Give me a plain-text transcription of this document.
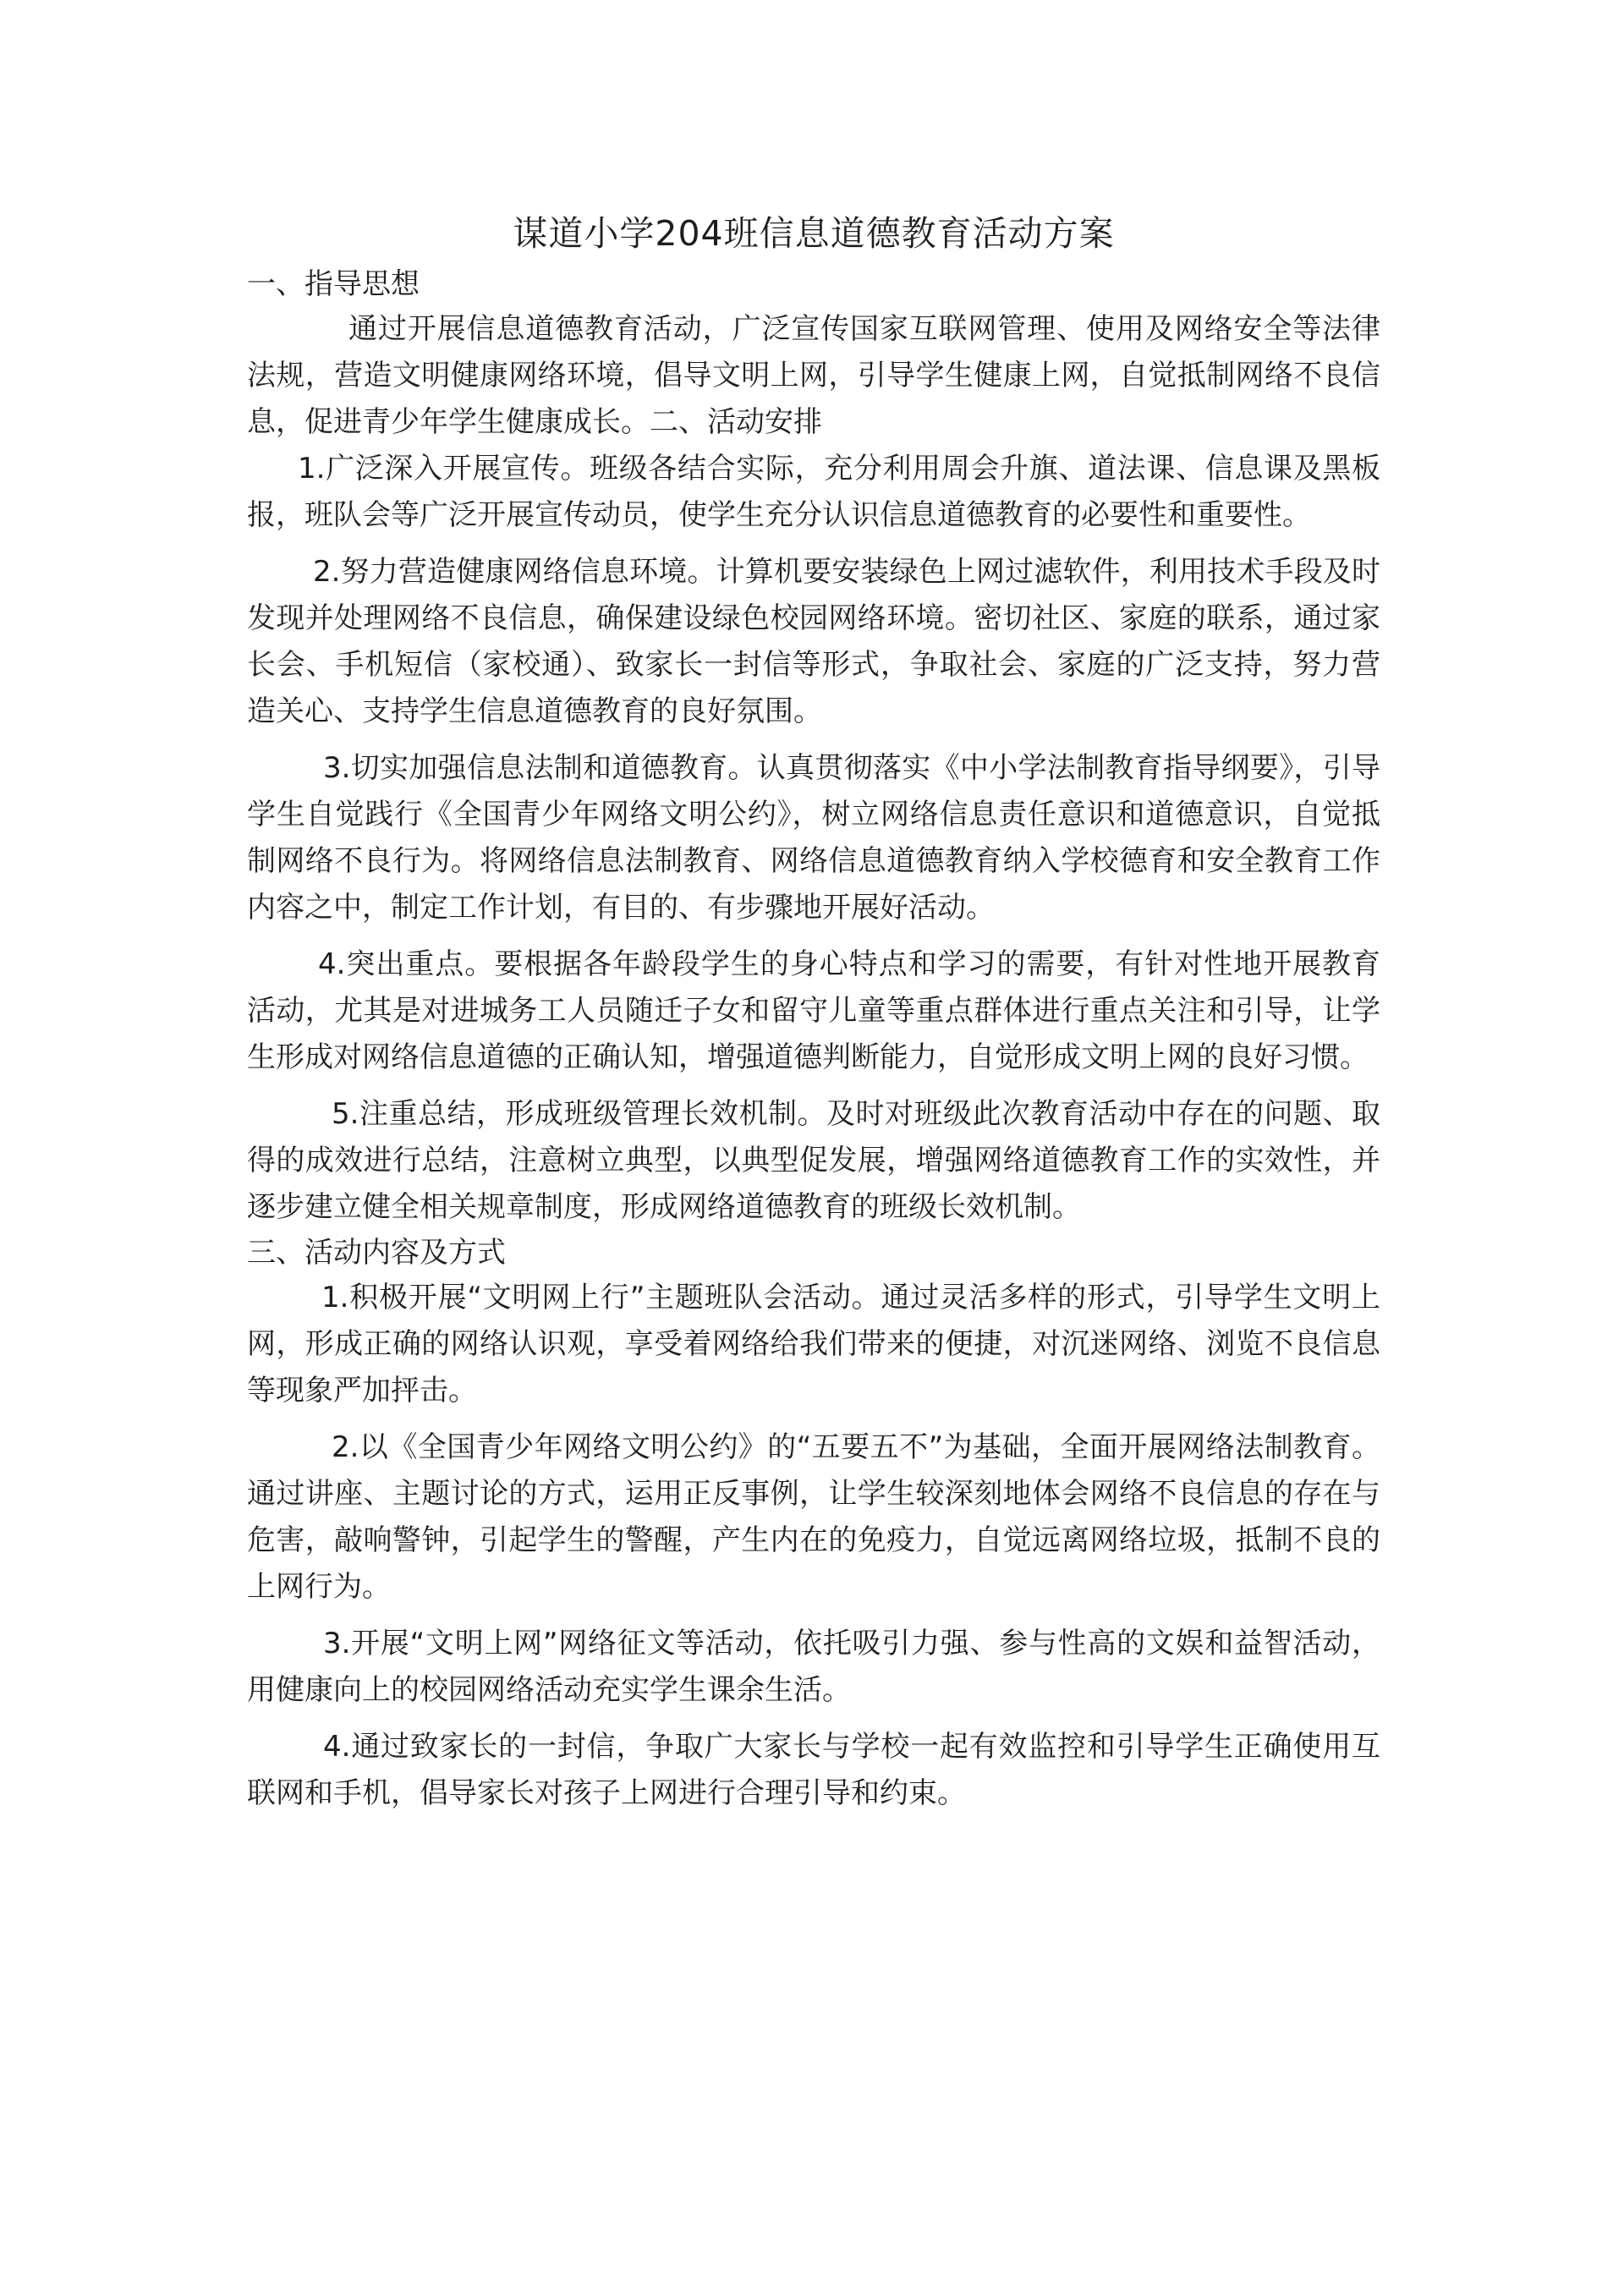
谋道小学204班信息道德教育活动方案

一、指导思想

通过开展信息道德教育活动，广泛宣传国家互联网管理、使用及网络安全等法律法规，营造文明健康网络环境，倡导文明上网，引导学生健康上网，自觉抵制网络不良信息，促进青少年学生健康成长。二、活动安排

1.广泛深入开展宣传。班级各结合实际，充分利用周会升旗、道法课、信息课及黑板报，班队会等广泛开展宣传动员，使学生充分认识信息道德教育的必要性和重要性。

2.努力营造健康网络信息环境。计算机要安装绿色上网过滤软件，利用技术手段及时发现并处理网络不良信息，确保建设绿色校园网络环境。密切社区、家庭的联系，通过家长会、手机短信（家校通）、致家长一封信等形式，争取社会、家庭的广泛支持，努力营造关心、支持学生信息道德教育的良好氛围。

3.切实加强信息法制和道德教育。认真贯彻落实《中小学法制教育指导纲要》，引导学生自觉践行《全国青少年网络文明公约》，树立网络信息责任意识和道德意识，自觉抵制网络不良行为。将网络信息法制教育、网络信息道德教育纳入学校德育和安全教育工作内容之中，制定工作计划，有目的、有步骤地开展好活动。

4.突出重点。要根据各年龄段学生的身心特点和学习的需要，有针对性地开展教育活动，尤其是对进城务工人员随迁子女和留守儿童等重点群体进行重点关注和引导，让学生形成对网络信息道德的正确认知，增强道德判断能力，自觉形成文明上网的良好习惯。

5.注重总结，形成班级管理长效机制。及时对班级此次教育活动中存在的问题、取得的成效进行总结，注意树立典型，以典型促发展，增强网络道德教育工作的实效性，并逐步建立健全相关规章制度，形成网络道德教育的班级长效机制。

三、活动内容及方式

1.积极开展“文明网上行”主题班队会活动。通过灵活多样的形式，引导学生文明上网，形成正确的网络认识观，享受着网络给我们带来的便捷，对沉迷网络、浏览不良信息等现象严加抨击。

2.以《全国青少年网络文明公约》的“五要五不”为基础，全面开展网络法制教育。通过讲座、主题讨论的方式，运用正反事例，让学生较深刻地体会网络不良信息的存在与危害，敲响警钟，引起学生的警醒，产生内在的免疫力，自觉远离网络垃圾，抵制不良的上网行为。

3.开展“文明上网”网络征文等活动，依托吸引力强、参与性高的文娱和益智活动，用健康向上的校园网络活动充实学生课余生活。

4.通过致家长的一封信，争取广大家长与学校一起有效监控和引导学生正确使用互联网和手机，倡导家长对孩子上网进行合理引导和约束。
